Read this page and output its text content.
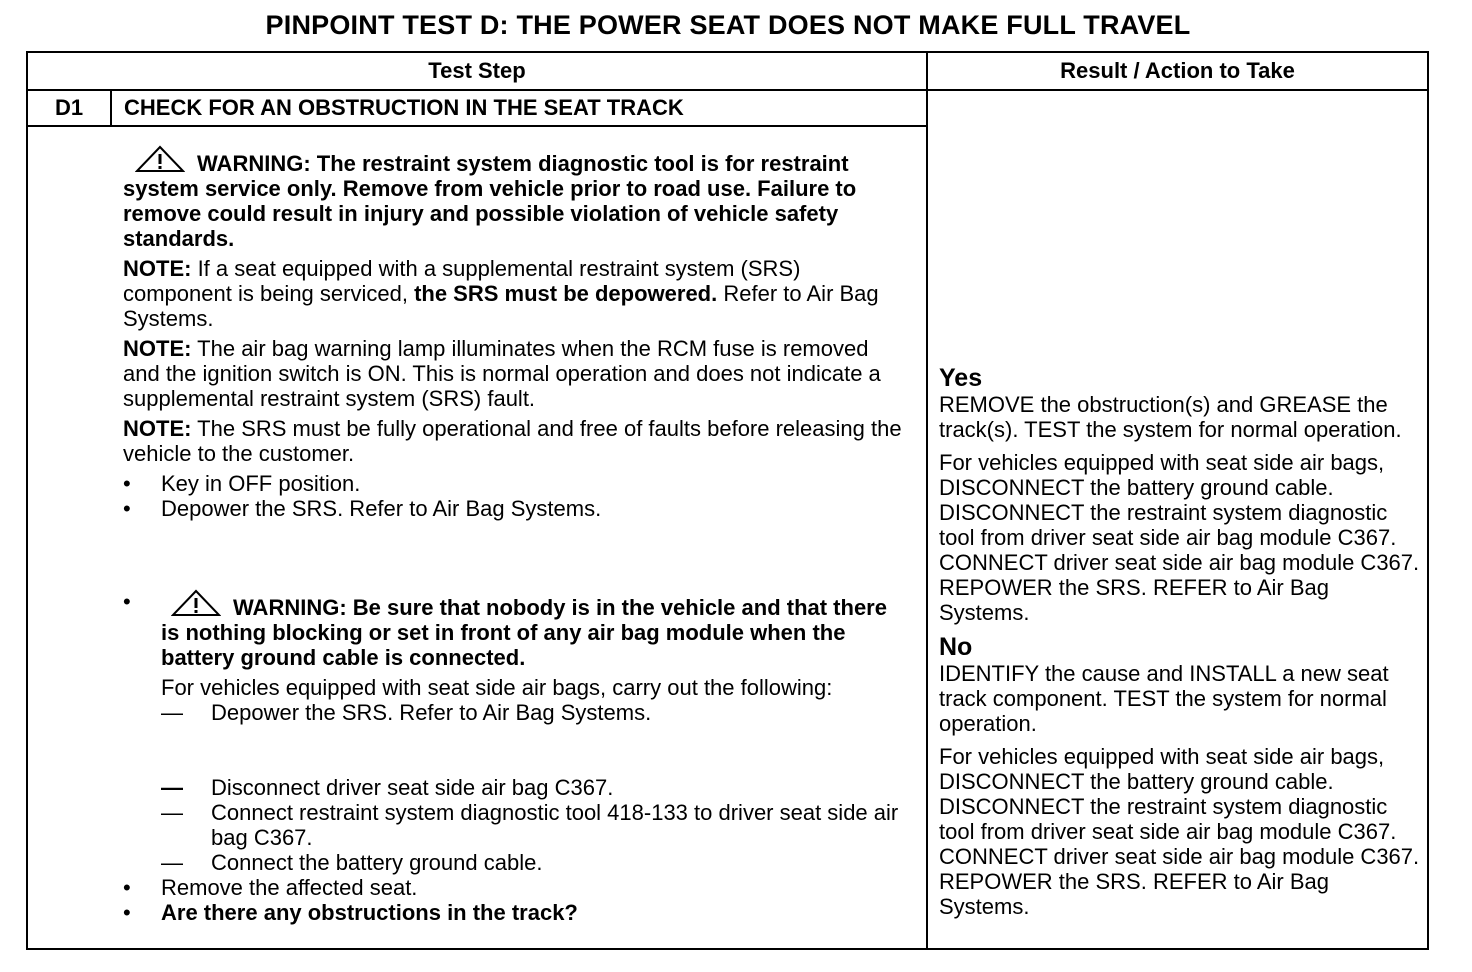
PINPOINT TEST D: THE POWER SEAT DOES NOT MAKE FULL TRAVEL
Test Step	Result / Action to Take
D1	CHECK FOR AN OBSTRUCTION IN THE SEAT TRACK
WARNING: The restraint system diagnostic tool is for restraint system service only. Remove from vehicle prior to road use. Failure to remove could result in injury and possible violation of vehicle safety standards.
NOTE: If a seat equipped with a supplemental restraint system (SRS) component is being serviced, the SRS must be depowered. Refer to Air Bag Systems.
NOTE: The air bag warning lamp illuminates when the RCM fuse is removed and the ignition switch is ON. This is normal operation and does not indicate a supplemental restraint system (SRS) fault.
NOTE: The SRS must be fully operational and free of faults before releasing the vehicle to the customer.
•	Key in OFF position.
•	Depower the SRS. Refer to Air Bag Systems.
•	WARNING: Be sure that nobody is in the vehicle and that there is nothing blocking or set in front of any air bag module when the battery ground cable is connected.
For vehicles equipped with seat side air bags, carry out the following:
—	Depower the SRS. Refer to Air Bag Systems.
—	Disconnect driver seat side air bag C367.
—	Connect restraint system diagnostic tool 418-133 to driver seat side air bag C367.
—	Connect the battery ground cable.
•	Remove the affected seat.
•	Are there any obstructions in the track?
Yes
REMOVE the obstruction(s) and GREASE the track(s). TEST the system for normal operation.
For vehicles equipped with seat side air bags, DISCONNECT the battery ground cable. DISCONNECT the restraint system diagnostic tool from driver seat side air bag module C367. CONNECT driver seat side air bag module C367. REPOWER the SRS. REFER to Air Bag Systems.
No
IDENTIFY the cause and INSTALL a new seat track component. TEST the system for normal operation.
For vehicles equipped with seat side air bags, DISCONNECT the battery ground cable. DISCONNECT the restraint system diagnostic tool from driver seat side air bag module C367. CONNECT driver seat side air bag module C367. REPOWER the SRS. REFER to Air Bag Systems.
